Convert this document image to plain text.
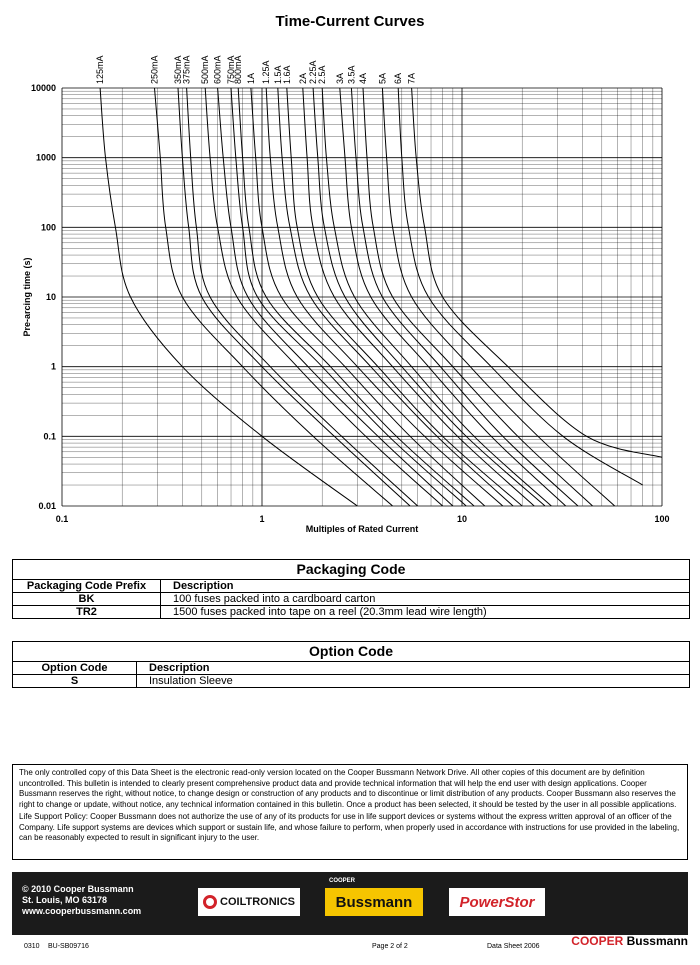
Time-Current Curves
0.1	1	10	100
10000
1000
100
10
1
0.1
0.01
125mA	250mA 350mA
375mA 500mA 600mA 750mA
800mA 1A 1.25A 1.5A
1.6A 2A 2.25A 2.5A 3A 3.5A 4A 5A 6A 7A
Multiples of Rated Current
Pre-arcing time (s)
Packaging Code
Packaging Code Prefix	Description
BK	100 fuses packed into a cardboard carton
TR2	1500 fuses packed into tape on a reel (20.3mm lead wire length)
Option Code
Option Code	Description
S	Insulation Sleeve

The only controlled copy of this Data Sheet is the electronic read-only version located on the Cooper Bussmann Network Drive. All other copies of this document are by definition uncontrolled. This bulletin is intended to clearly present comprehensive product data and provide technical information that will help the end user with design applications. Cooper Bussmann reserves the right, without notice, to change design or construction of any products and to discontinue or limit distribution of any products. Cooper Bussmann also reserves the right to change or update, without notice, any technical information contained in this bulletin. Once a product has been selected, it should be tested by the user in all possible applications.

Life Support Policy: Cooper Bussmann does not authorize the use of any of its products for use in life support devices or systems without the express written approval of an officer of the Company. Life support systems are devices which support or sustain life, and whose failure to perform, when properly used in accordance with instructions for use provided in the labeling, can be reasonably expected to result in significant injury to the user.

© 2010 Cooper Bussmann
St. Louis, MO 63178
www.cooperbussmann.com
COILTRONICS
COOPER
Bussmann	PowerStor
0310 BU-SB09716	Page 2 of 2	Data Sheet 2006	COOPER Bussmann
